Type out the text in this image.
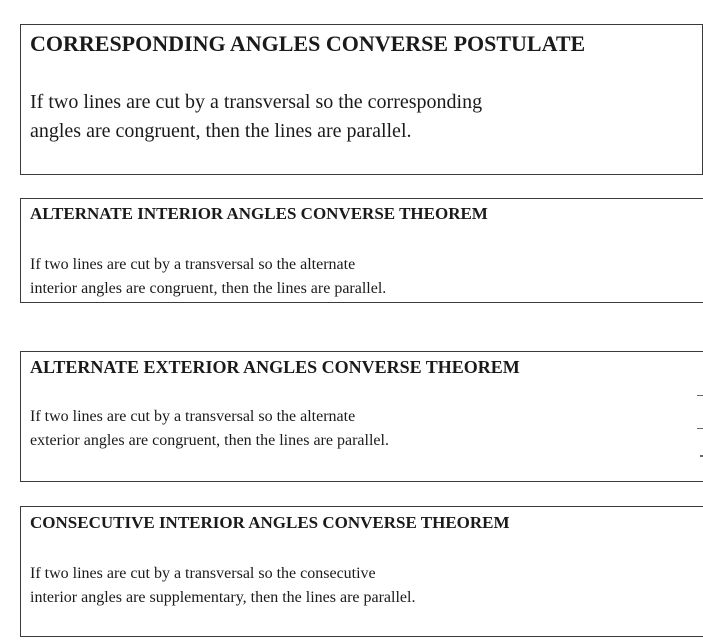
CORRESPONDING ANGLES CONVERSE POSTULATE

If two lines are cut by a transversal so the corresponding
angles are congruent, then the lines are parallel.

ALTERNATE INTERIOR ANGLES CONVERSE THEOREM

If two lines are cut by a transversal so the alternate
interior angles are congruent, then the lines are parallel.

ALTERNATE EXTERIOR ANGLES CONVERSE THEOREM

If two lines are cut by a transversal so the alternate
exterior angles are congruent, then the lines are parallel.

CONSECUTIVE INTERIOR ANGLES CONVERSE THEOREM

If two lines are cut by a transversal so the consecutive
interior angles are supplementary, then the lines are parallel.
